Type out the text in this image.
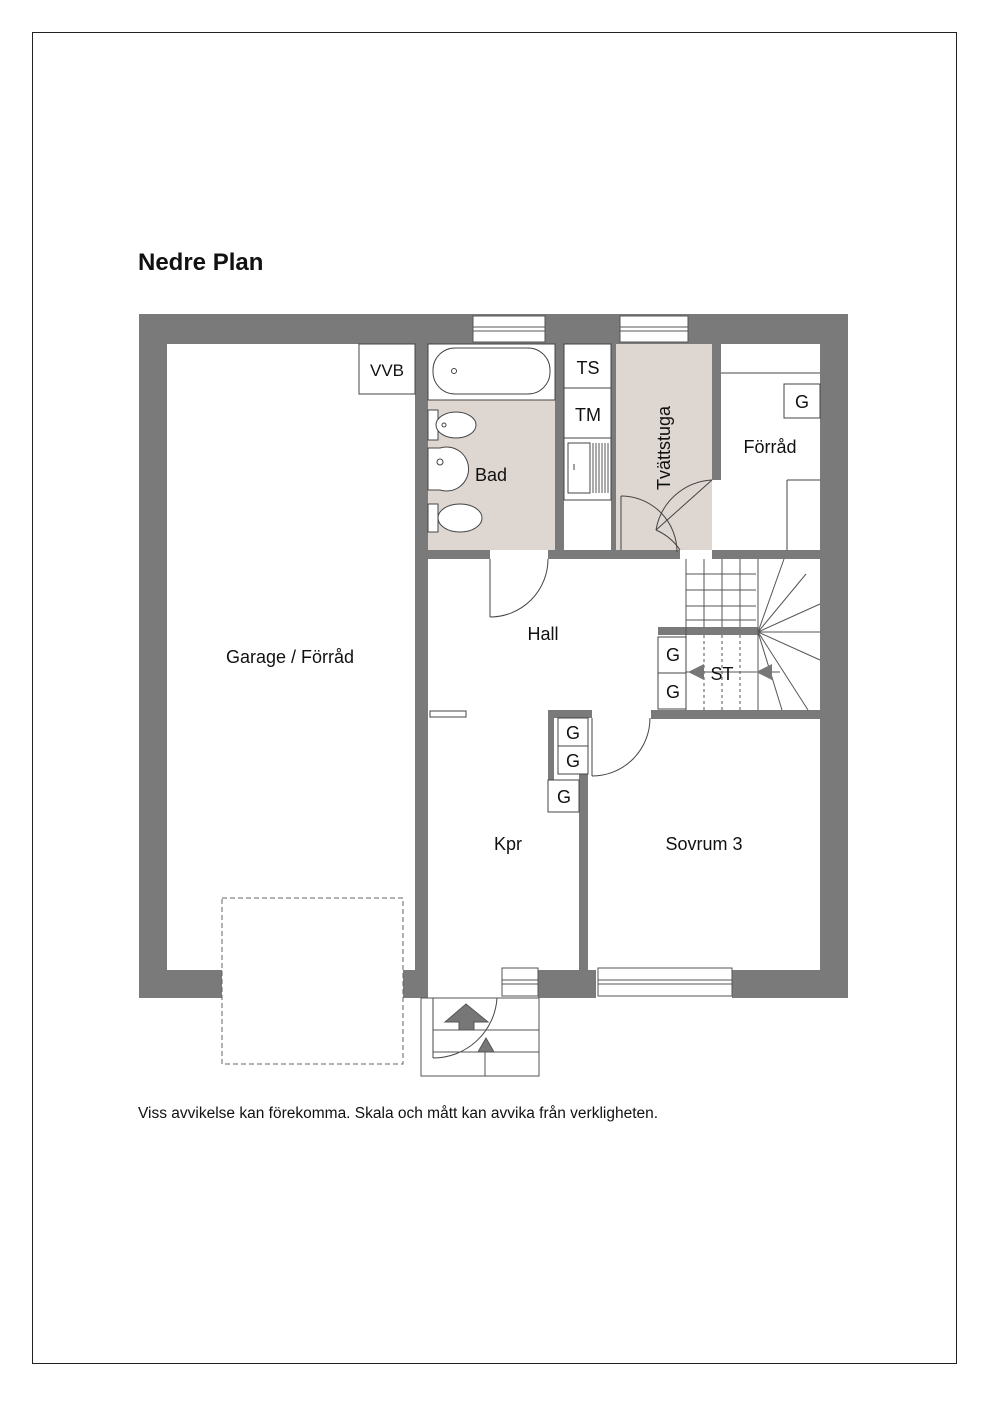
Nedre Plan
VVB	TS
TM
G
ST
G
G
G
G
G
Garage / Förråd
Bad	Tvättstuga	Förråd
Hall
Kpr	Sovrum 3
Viss avvikelse kan förekomma. Skala och mått kan avvika från verkligheten.
